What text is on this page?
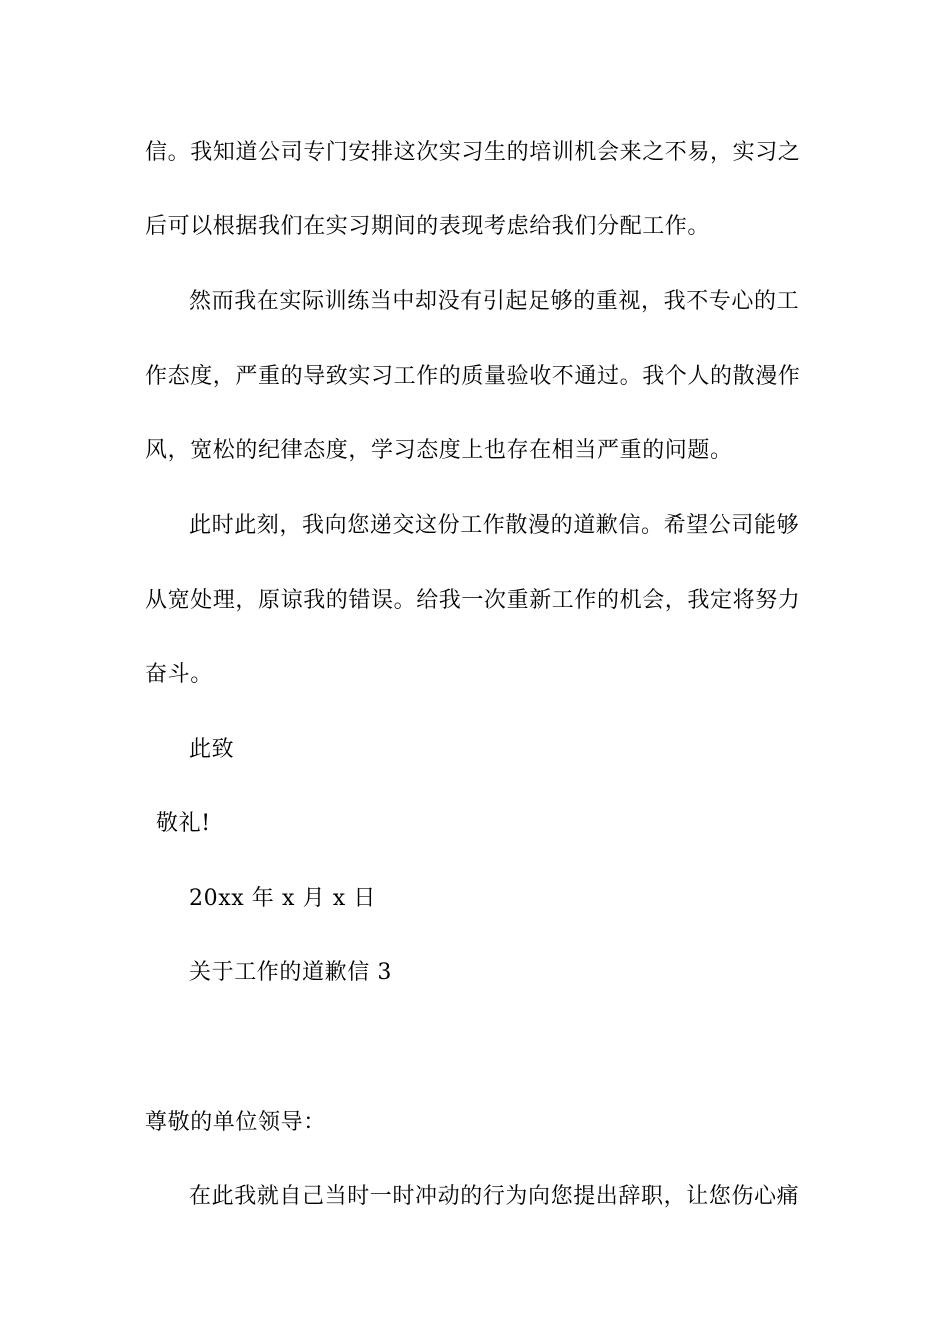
信。我知道公司专门安排这次实习生的培训机会来之不易，实习之
后可以根据我们在实习期间的表现考虑给我们分配工作。
然而我在实际训练当中却没有引起足够的重视，我不专心的工
作态度，严重的导致实习工作的质量验收不通过。我个人的散漫作
风，宽松的纪律态度，学习态度上也存在相当严重的问题。
此时此刻，我向您递交这份工作散漫的道歉信。希望公司能够
从宽处理，原谅我的错误。给我一次重新工作的机会，我定将努力
奋斗。
此致
敬礼!
20xx 年 x 月 x 日
关于工作的道歉信 3
尊敬的单位领导：
在此我就自己当时一时冲动的行为向您提出辞职，让您伤心痛
